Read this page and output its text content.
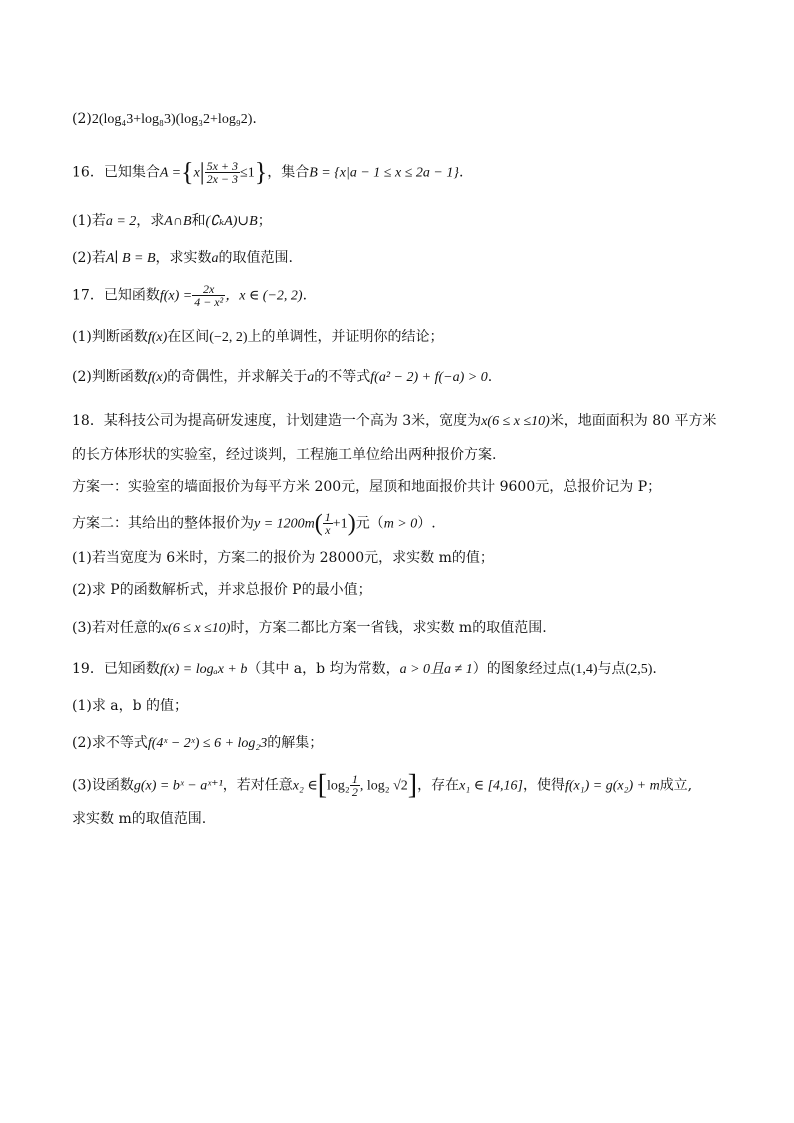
(2)2(log₄3+log₈3)(log₃2+log₉2).
16．已知集合$A =\{x| \frac{5x + 3}{2x - 3} \le 1\}$，集合B = {x|a − 1 ≤ x ≤ 2a − 1}.
(1)若a = 2，求A∩B和(∁ₖA)∪B；
(2)若A∣ B = B，求实数a的取值范围.
17．已知函数$f(x) = \frac{2x}{\text{4 − x²}}$ ，x ∈ (−2, 2).
(1)判断函数f(x)在区间(−2, 2)上的单调性，并证明你的结论；
(2)判断函数f(x)的奇偶性，并求解关于a的不等式f(a² − 2) + f(−a) > 0.
18．某科技公司为提高研发速度，计划建造一个高为 3米，宽度为x(6 ≤ x ≤10)米，地面面积为 80 平方米
的长方体形状的实验室，经过谈判，工程施工单位给出两种报价方案.
方案一：实验室的墙面报价为每平方米 200元，屋顶和地面报价共计 9600元，总报价记为 P；
方案二：其给出的整体报价为$y = 1200m( \frac{1}{x} +1)$元（m > 0）.
(1)若当宽度为 6米时，方案二的报价为 28000元，求实数 m的值；
(2)求 P的函数解析式，并求总报价 P的最小值；
(3)若对任意的x(6 ≤ x ≤10)时，方案二都比方案一省钱，求实数 m的取值范围.
19．已知函数f(x) = logₐx + b（其中 a，b 均为常数，a > 0且a ≠ 1）的图象经过点(1,4)与点(2,5).
(1)求 a，b 的值；
(2)求不等式f(4ˣ − 2ˣ) ≤ 6 + log₂3的解集；
(3)设函数g(x) = bˣ − aˣ⁺¹，若对任意x₂ ∈[log₂ $\frac{1}{2}$ , log₂ √2]，存在x₁ ∈ [4,16]，使得f(x₁) = g(x₂) + m成立,
求实数 m的取值范围.
